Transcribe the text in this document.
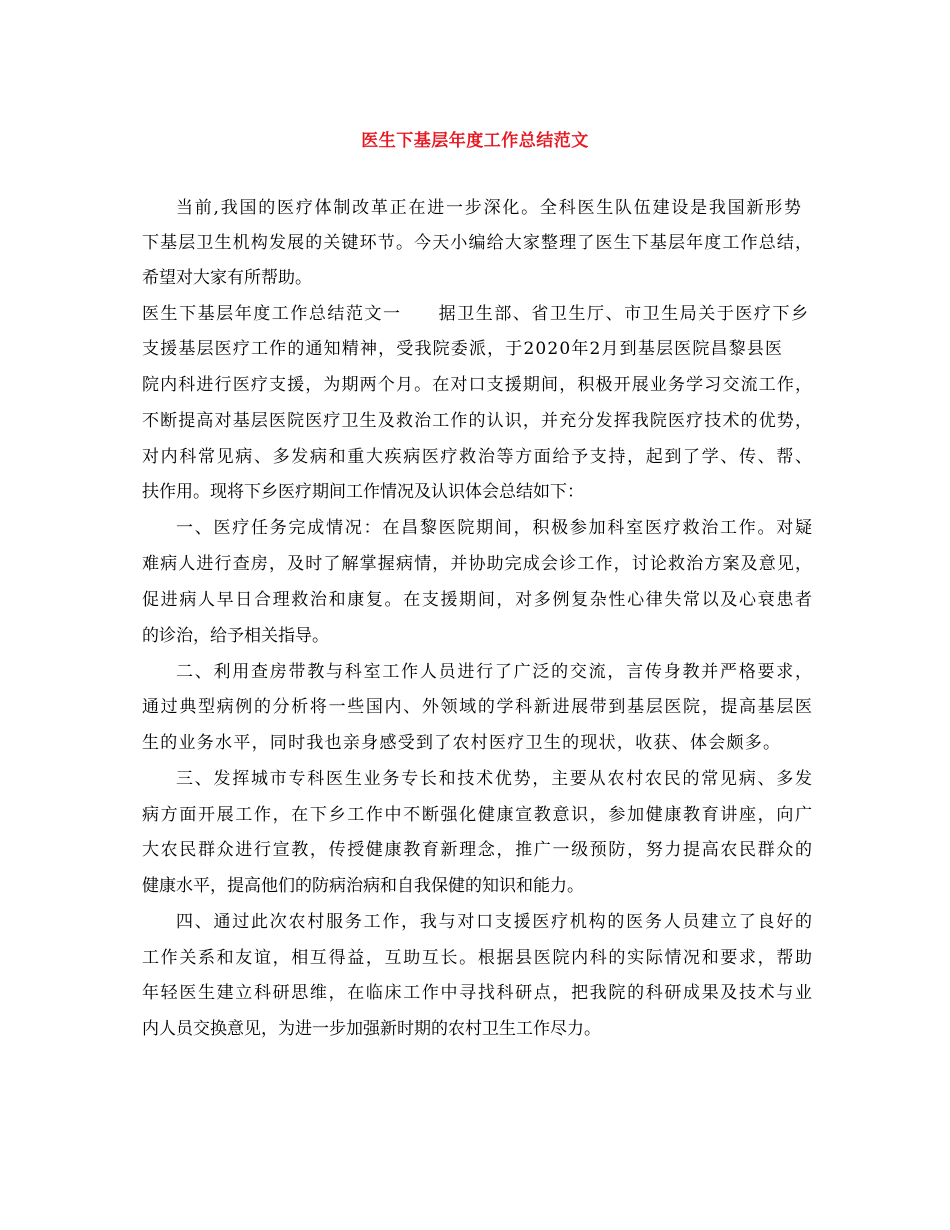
医生下基层年度工作总结范文
当前,我国的医疗体制改革正在进一步深化。全科医生队伍建设是我国新形势
下基层卫生机构发展的关键环节。今天小编给大家整理了医生下基层年度工作总结，
希望对大家有所帮助。
医生下基层年度工作总结范文一　　据卫生部、省卫生厅、市卫生局关于医疗下乡
支援基层医疗工作的通知精神，受我院委派，于2020年2月到基层医院昌黎县医
院内科进行医疗支援，为期两个月。在对口支援期间，积极开展业务学习交流工作，
不断提高对基层医院医疗卫生及救治工作的认识，并充分发挥我院医疗技术的优势，
对内科常见病、多发病和重大疾病医疗救治等方面给予支持，起到了学、传、帮、
扶作用。现将下乡医疗期间工作情况及认识体会总结如下：
一、医疗任务完成情况：在昌黎医院期间，积极参加科室医疗救治工作。对疑
难病人进行查房，及时了解掌握病情，并协助完成会诊工作，讨论救治方案及意见，
促进病人早日合理救治和康复。在支援期间，对多例复杂性心律失常以及心衰患者
的诊治，给予相关指导。
二、利用查房带教与科室工作人员进行了广泛的交流，言传身教并严格要求，
通过典型病例的分析将一些国内、外领域的学科新进展带到基层医院，提高基层医
生的业务水平，同时我也亲身感受到了农村医疗卫生的现状，收获、体会颇多。
三、发挥城市专科医生业务专长和技术优势，主要从农村农民的常见病、多发
病方面开展工作，在下乡工作中不断强化健康宣教意识，参加健康教育讲座，向广
大农民群众进行宣教，传授健康教育新理念，推广一级预防，努力提高农民群众的
健康水平，提高他们的防病治病和自我保健的知识和能力。
四、通过此次农村服务工作，我与对口支援医疗机构的医务人员建立了良好的
工作关系和友谊，相互得益，互助互长。根据县医院内科的实际情况和要求，帮助
年轻医生建立科研思维，在临床工作中寻找科研点，把我院的科研成果及技术与业
内人员交换意见，为进一步加强新时期的农村卫生工作尽力。
